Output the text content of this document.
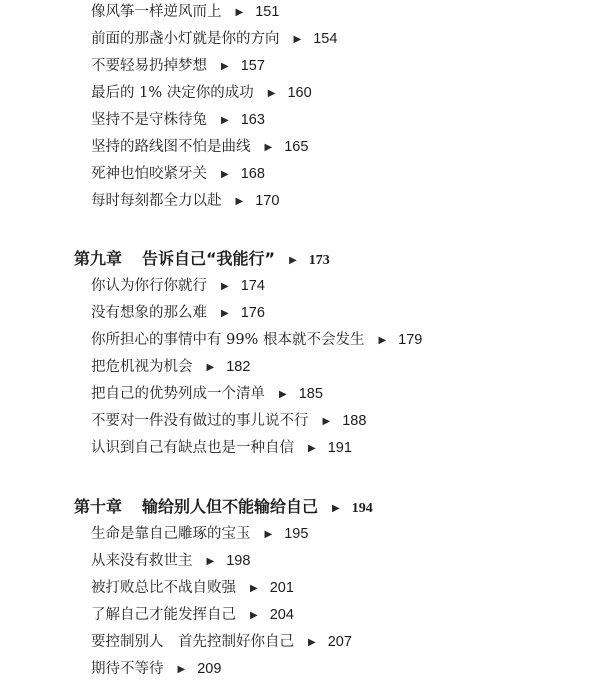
像风筝一样逆风而上 ▶ 151
前面的那盏小灯就是你的方向 ▶ 154
不要轻易扔掉梦想 ▶ 157
最后的 1% 决定你的成功 ▶ 160
坚持不是守株待兔 ▶ 163
坚持的路线图不怕是曲线 ▶ 165
死神也怕咬紧牙关 ▶ 168
每时每刻都全力以赴 ▶ 170
第九章 告诉自己“我能行” ▶ 173
你认为你行你就行 ▶ 174
没有想象的那么难 ▶ 176
你所担心的事情中有 99% 根本就不会发生 ▶ 179
把危机视为机会 ▶ 182
把自己的优势列成一个清单 ▶ 185
不要对一件没有做过的事儿说不行 ▶ 188
认识到自己有缺点也是一种自信 ▶ 191
第十章 输给别人但不能输给自己 ▶ 194
生命是靠自己雕琢的宝玉 ▶ 195
从来没有救世主 ▶ 198
被打败总比不战自败强 ▶ 201
了解自己才能发挥自己 ▶ 204
要控制别人　首先控制好你自己 ▶ 207
期待不等待 ▶ 209
